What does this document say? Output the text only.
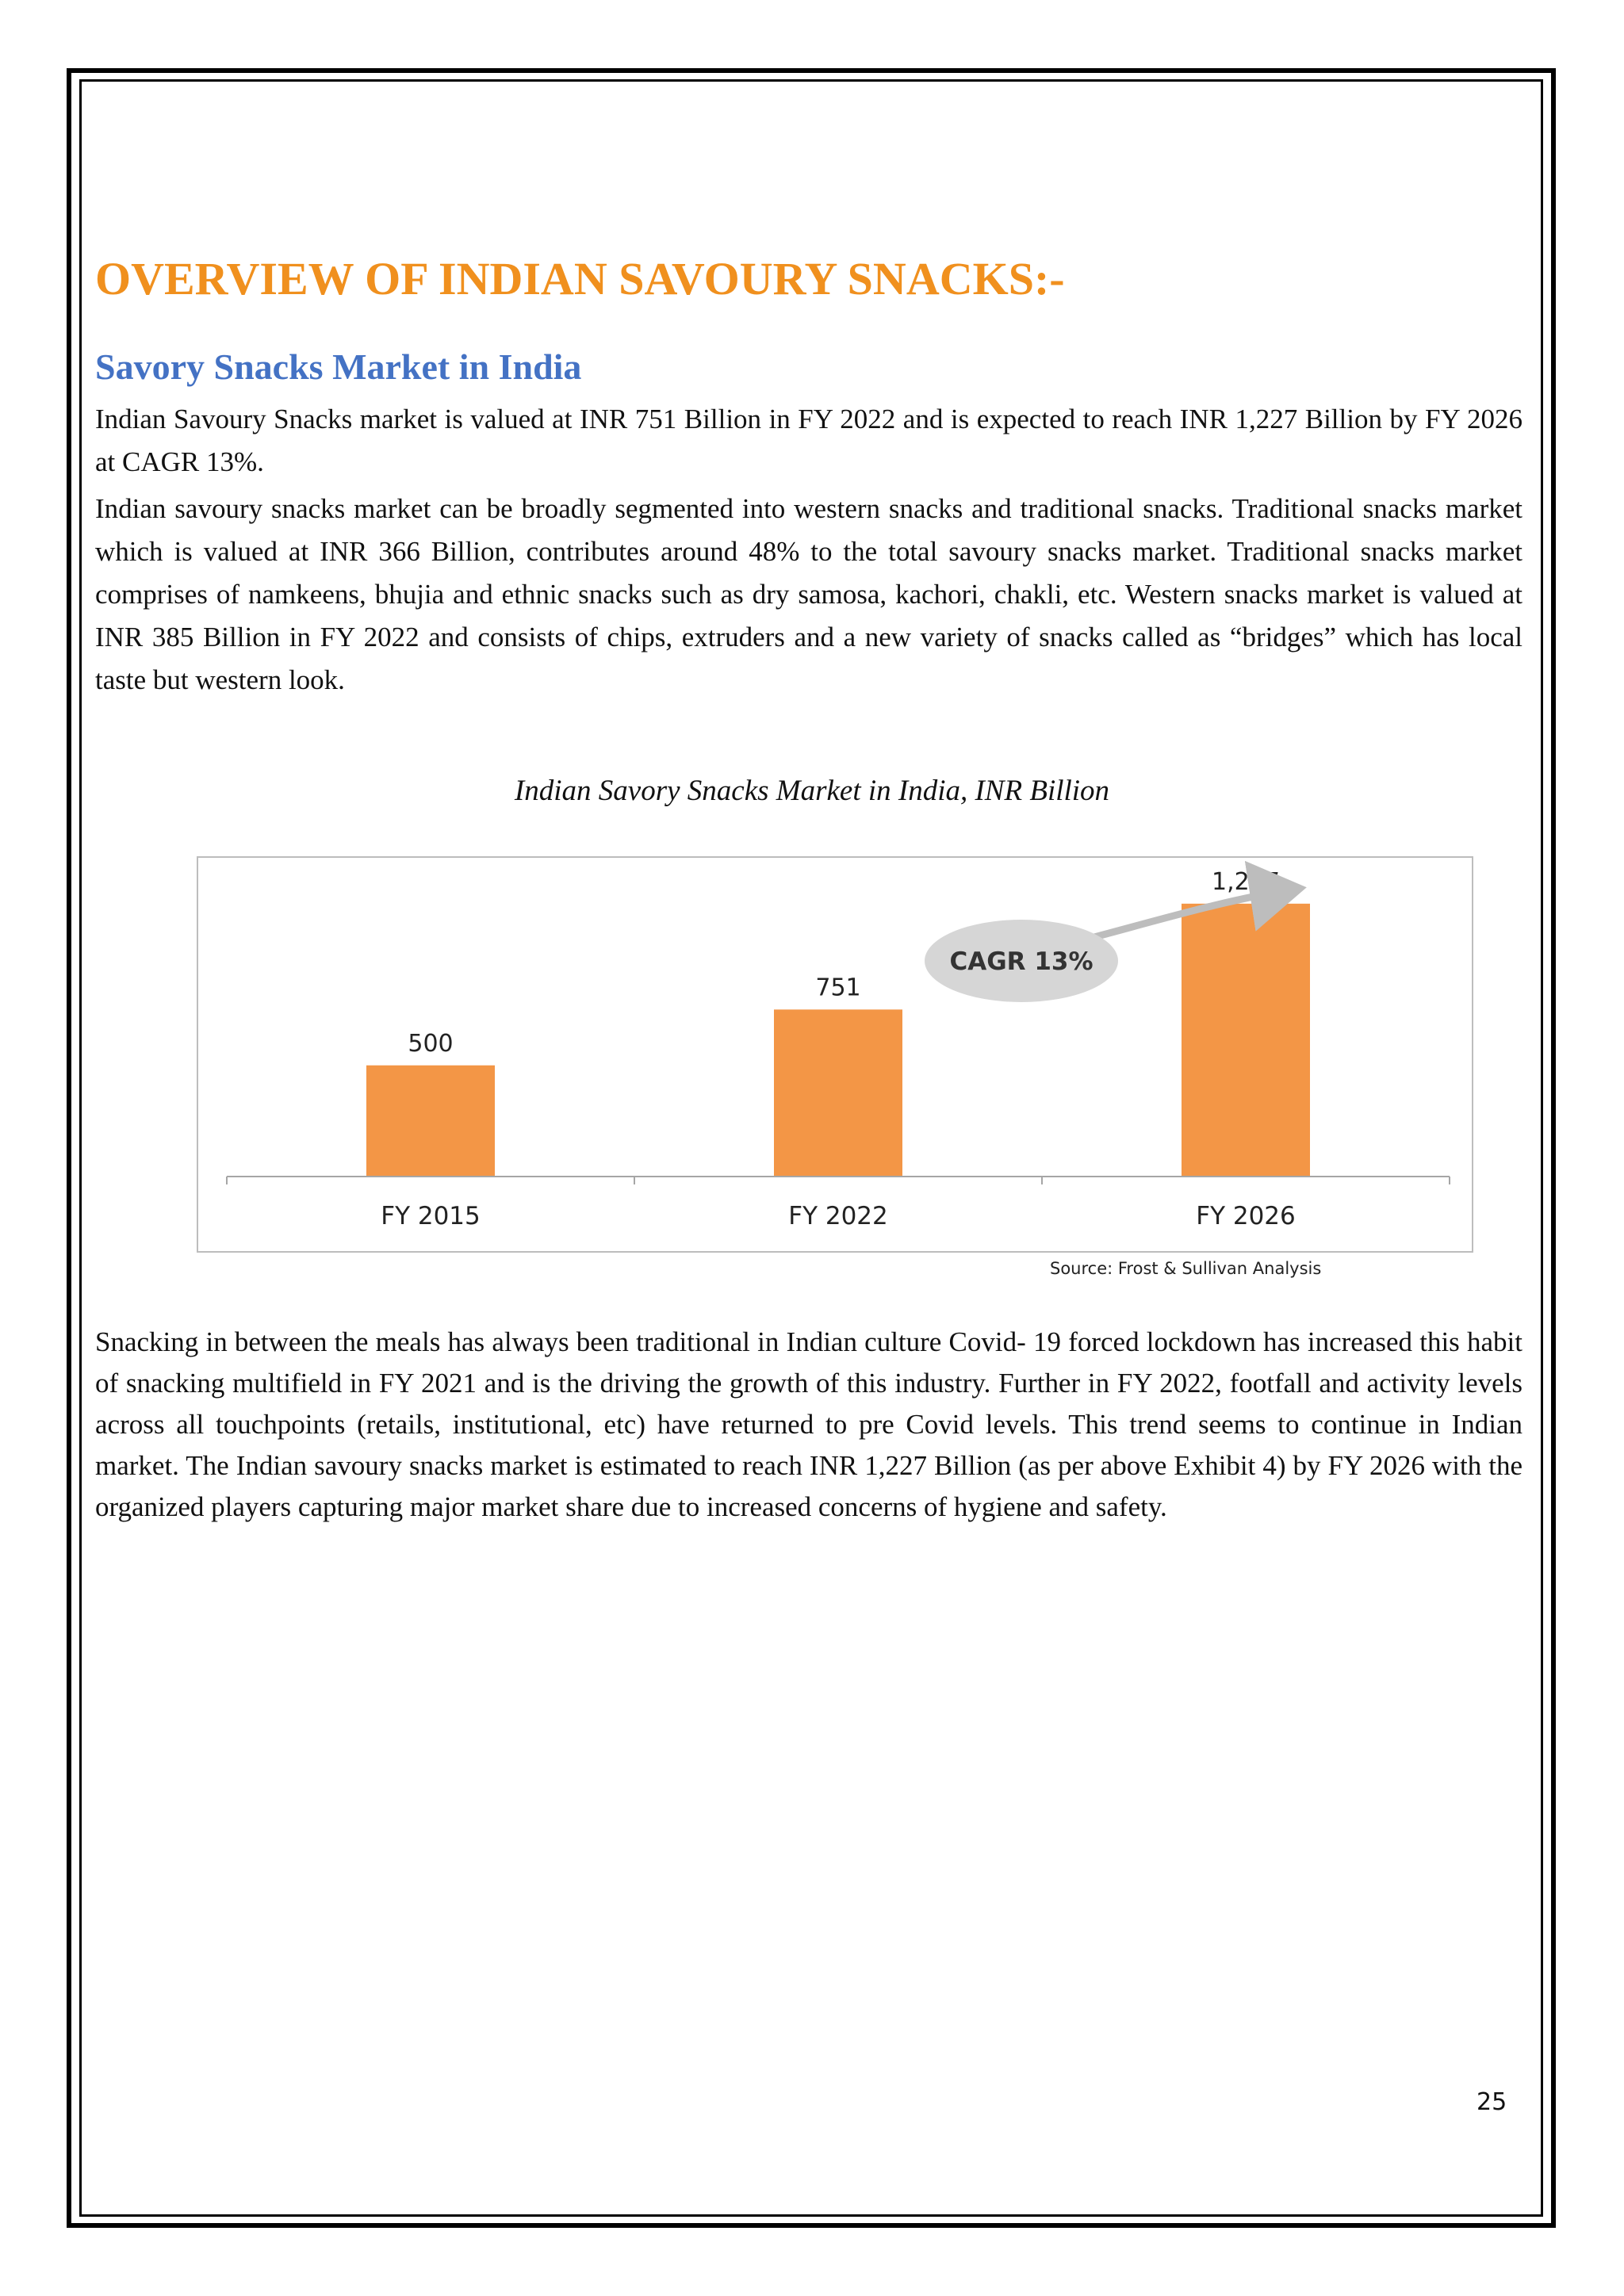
OVERVIEW OF INDIAN SAVOURY SNACKS:-
Savory Snacks Market in India

Indian Savoury Snacks market is valued at INR 751 Billion in FY 2022 and is expected to reach INR 1,227 Billion by FY 2026 at CAGR 13%.

Indian savoury snacks market can be broadly segmented into western snacks and traditional snacks. Traditional snacks market which is valued at INR 366 Billion, contributes around 48% to the total savoury snacks market. Traditional snacks market comprises of namkeens, bhujia and ethnic snacks such as dry samosa, kachori, chakli, etc. Western snacks market is valued at INR 385 Billion in FY 2022 and consists of chips, extruders and a new variety of snacks called as “bridges” which has local taste but western look.

Indian Savory Snacks Market in India, INR Billion

500
FY 2015
751
FY 2022
1,227
FY 2026
CAGR 13%

Source: Frost & Sullivan Analysis

Snacking in between the meals has always been traditional in Indian culture Covid- 19 forced lockdown has increased this habit of snacking multifield in FY 2021 and is the driving the growth of this industry. Further in FY 2022, footfall and activity levels across all touchpoints (retails, institutional, etc) have returned to pre Covid levels. This trend seems to continue in Indian market. The Indian savoury snacks market is estimated to reach INR 1,227 Billion (as per above Exhibit 4) by FY 2026 with the organized players capturing major market share due to increased concerns of hygiene and safety.

25
